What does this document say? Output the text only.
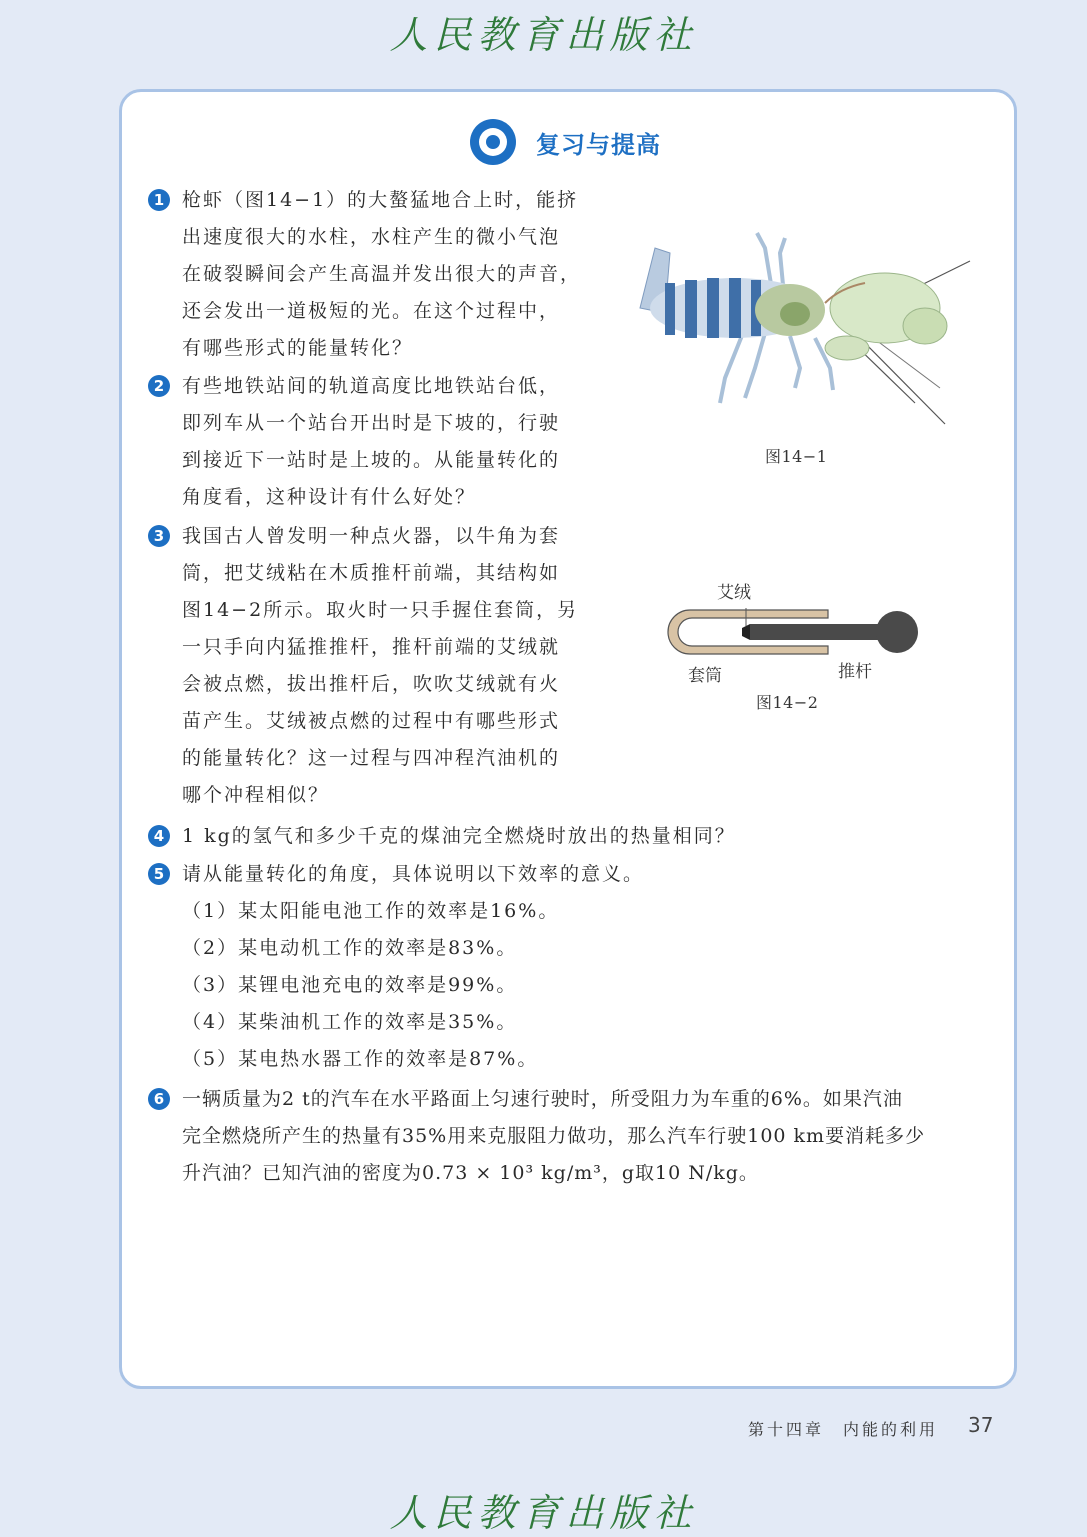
人民教育出版社
复习与提高
1 枪虾（图14−1）的大螯猛地合上时，能挤
出速度很大的水柱，水柱产生的微小气泡
在破裂瞬间会产生高温并发出很大的声音，
还会发出一道极短的光。在这个过程中，
有哪些形式的能量转化？
2 有些地铁站间的轨道高度比地铁站台低，
即列车从一个站台开出时是下坡的，行驶
到接近下一站时是上坡的。从能量转化的
角度看，这种设计有什么好处？
3 我国古人曾发明一种点火器，以牛角为套
筒，把艾绒粘在木质推杆前端，其结构如
图14−2所示。取火时一只手握住套筒，另
一只手向内猛推推杆，推杆前端的艾绒就
会被点燃，拔出推杆后，吹吹艾绒就有火
苗产生。艾绒被点燃的过程中有哪些形式
的能量转化？这一过程与四冲程汽油机的
哪个冲程相似？
4 1 kg的氢气和多少千克的煤油完全燃烧时放出的热量相同？
5 请从能量转化的角度，具体说明以下效率的意义。
（1）某太阳能电池工作的效率是16%。
（2）某电动机工作的效率是83%。
（3）某锂电池充电的效率是99%。
（4）某柴油机工作的效率是35%。
（5）某电热水器工作的效率是87%。
6 一辆质量为2 t的汽车在水平路面上匀速行驶时，所受阻力为车重的6%。如果汽油
完全燃烧所产生的热量有35%用来克服阻力做功，那么汽车行驶100 km要消耗多少
升汽油？已知汽油的密度为0.73 × 10³ kg/m³，g取10 N/kg。
图14−1
艾绒
套筒	推杆
图14−2
第十四章　内能的利用 37
人民教育出版社
